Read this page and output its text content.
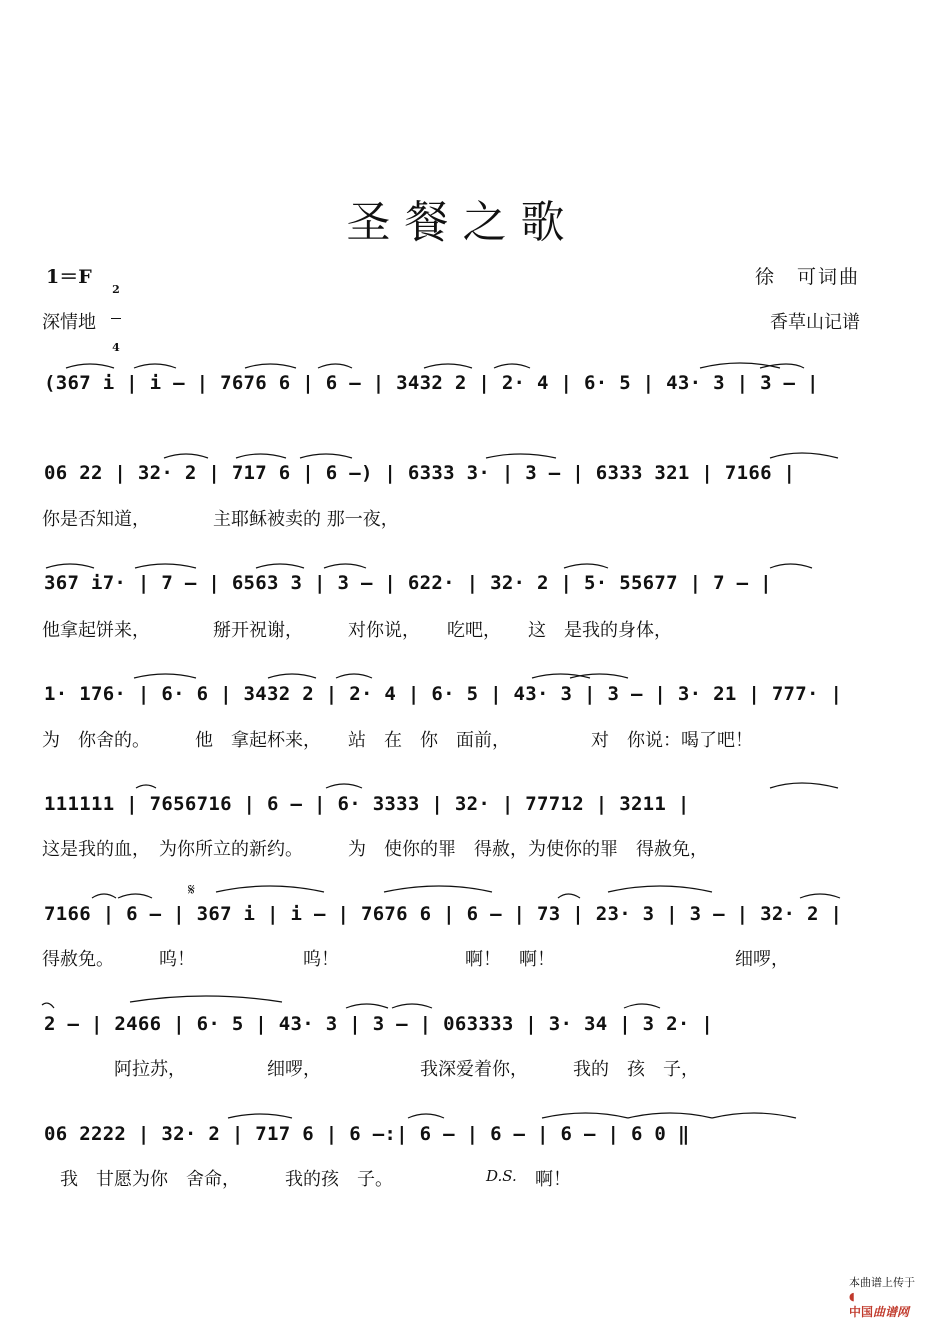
圣餐之歌
1＝F

2

4

徐　可词曲
深情地	香草山记谱
(367 i | i — | 7676 6 | 6 — | 3432 2 | 2· 4 | 6· 5 | 43· 3 | 3 — |
06 22 | 32· 2 | 717 6 | 6 —) | 6333 3· | 3 — | 6333 321 | 7166 |
你是否知道，　　　　主耶稣被卖的 那一夜，
367 i7· | 7 — | 6563 3 | 3 — | 622· | 32· 2 | 5· 55677 | 7 — |
他拿起饼来，　　　　掰开祝谢，　　　对你说，　　吃吧，　　这　是我的身体，
1· 176· | 6· 6 | 3432 2 | 2· 4 | 6· 5 | 43· 3 | 3 — | 3· 21 | 777· |
为　你舍的。　　　他　拿起杯来，　　站　在　你　面前，　　　　　对　你说：喝了吧！
111111 | 7656716 | 6 — | 6· 3333 | 32· | 77712 | 3211 |
这是我的血，　为你所立的新约。　　　为　使你的罪　得赦，为使你的罪　得赦免，
𝄋
7166 | 6 — | 367 i | i — | 7676 6 | 6 — | 73 | 23· 3 | 3 — | 32· 2 |
得赦免。　　　呜！　　　　　　呜！　　　　　　　啊！　啊！　　　　　　　　　　细啰，
2 — | 2466 | 6· 5 | 43· 3 | 3 — | 063333 | 3· 34 | 3 2· |
　　　　阿拉苏，　　　　　细啰，　　　　　　我深爱着你，　　　我的　孩　子，
06 2222 | 32· 2 | 717 6 | 6 —:| 6 — | 6 — | 6 — | 6 0 ‖
　我　甘愿为你　舍命，　　　我的孩　子。	D.S. 啊！

本曲谱上传于
◖
中国曲谱网
